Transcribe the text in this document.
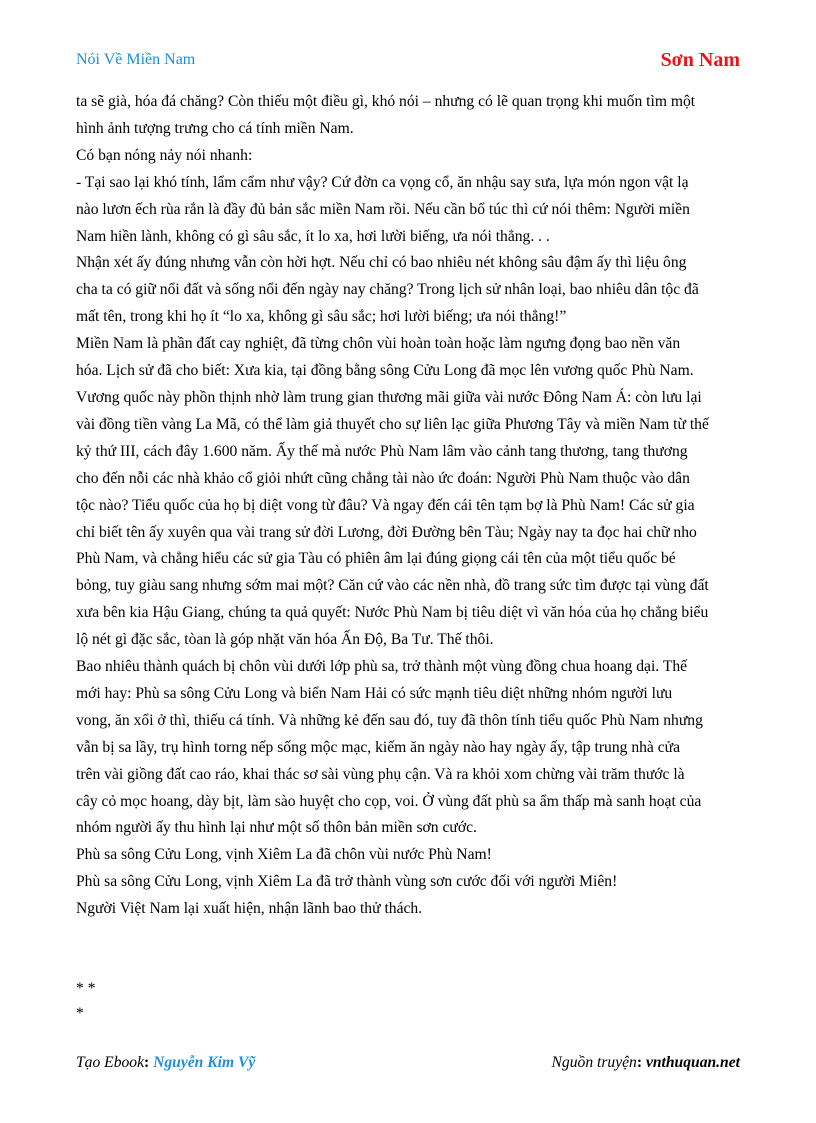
Nói Về Miền Nam	Sơn Nam

ta sẽ già, hóa đá chăng? Còn thiếu một điều gì, khó nói – nhưng có lẽ quan trọng khi muốn tìm một
hình ảnh tượng trưng cho cá tính miền Nam.

Có bạn nóng nảy nói nhanh:

- Tại sao lại khó tính, lẩm cẩm như vậy? Cứ đờn ca vọng cổ, ăn nhậu say sưa, lựa món ngon vật lạ
nào lươn ếch rùa rắn là đầy đủ bản sắc miền Nam rồi. Nếu cần bổ túc thì cứ nói thêm: Người miền
Nam hiền lành, không có gì sâu sắc, ít lo xa, hơi lười biếng, ưa nói thẳng. . .

Nhận xét ấy đúng nhưng vẫn còn hời hợt. Nếu chỉ có bao nhiêu nét không sâu đậm ấy thì liệu ông
cha ta có giữ nổi đất và sống nổi đến ngày nay chăng? Trong lịch sử nhân loại, bao nhiêu dân tộc đã
mất tên, trong khi họ ít “lo xa, không gì sâu sắc; hơi lười biếng; ưa nói thẳng!”

Miền Nam là phần đất cay nghiệt, đã từng chôn vùi hoàn toàn hoặc làm ngưng đọng bao nền văn
hóa. Lịch sử đã cho biết: Xưa kia, tại đồng bằng sông Cửu Long đã mọc lên vương quốc Phù Nam.
Vương quốc này phồn thịnh nhờ làm trung gian thương mãi giữa vài nước Đông Nam Á: còn lưu lại
vài đồng tiền vàng La Mã, có thể làm giả thuyết cho sự liên lạc giữa Phương Tây và miền Nam từ thế
kỷ thứ III, cách đây 1.600 năm. Ấy thế mà nước Phù Nam lâm vào cảnh tang thương, tang thương
cho đến nỗi các nhà khảo cổ giỏi nhứt cũng chẳng tài nào ức đoán: Người Phù Nam thuộc vào dân
tộc nào? Tiểu quốc của họ bị diệt vong từ đâu? Và ngay đến cái tên tạm bợ là Phù Nam! Các sử gia
chỉ biết tên ấy xuyên qua vài trang sử đời Lương, đời Đường bên Tàu; Ngày nay ta đọc hai chữ nho
Phù Nam, và chẳng hiểu các sử gia Tàu có phiên âm lại đúng giọng cái tên của một tiểu quốc bé
bỏng, tuy giàu sang nhưng sớm mai một? Căn cứ vào các nền nhà, đồ trang sức tìm được tại vùng đất
xưa bên kia Hậu Giang, chúng ta quả quyết: Nước Phù Nam bị tiêu diệt vì văn hóa của họ chẳng biểu
lộ nét gì đặc sắc, tòan là góp nhặt văn hóa Ấn Độ, Ba Tư. Thế thôi.

Bao nhiêu thành quách bị chôn vùi dưới lớp phù sa, trở thành một vùng đồng chua hoang dại. Thế
mới hay: Phù sa sông Cửu Long và biển Nam Hải có sức mạnh tiêu diệt những nhóm người lưu
vong, ăn xổi ở thì, thiếu cá tính. Và những kẻ đến sau đó, tuy đã thôn tính tiểu quốc Phù Nam nhưng
vẫn bị sa lầy, trụ hình torng nếp sống mộc mạc, kiếm ăn ngày nào hay ngày ấy, tập trung nhà cửa
trên vài giồng đất cao ráo, khai thác sơ sài vùng phụ cận. Và ra khỏi xom chừng vài trăm thước là
cây cỏ mọc hoang, dày bịt, làm sào huyệt cho cọp, voi. Ở vùng đất phù sa ẩm thấp mà sanh hoạt của
nhóm người ấy thu hình lại như một số thôn bản miền sơn cước.

Phù sa sông Cửu Long, vịnh Xiêm La đã chôn vùi nước Phù Nam!

Phù sa sông Cửu Long, vịnh Xiêm La đã trở thành vùng sơn cước đối với người Miên!

Người Việt Nam lại xuất hiện, nhận lãnh bao thử thách.

* *
*
Tạo Ebook: Nguyễn Kim Vỹ	Nguồn truyện: vnthuquan.net
